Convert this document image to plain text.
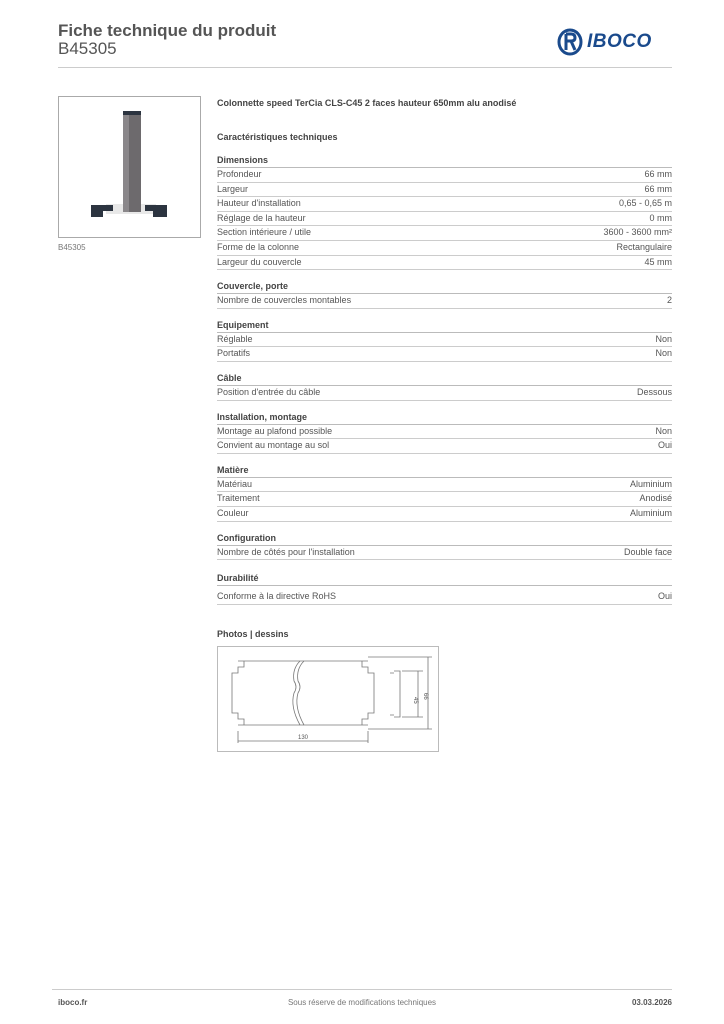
Fiche technique du produit
B45305	IBOCO
B45305
Colonnette speed TerCia CLS-C45 2 faces hauteur 650mm alu anodisé
Caractéristiques techniques
Dimensions
Profondeur	66 mm
Largeur	66 mm
Hauteur d'installation	0,65 - 0,65 m
Réglage de la hauteur	0 mm
Section intérieure / utile	3600 - 3600 mm²
Forme de la colonne	Rectangulaire
Largeur du couvercle	45 mm
Couvercle, porte
Nombre de couvercles montables	2
Equipement
Réglable	Non
Portatifs	Non
Câble
Position d'entrée du câble	Dessous
Installation, montage
Montage au plafond possible	Non
Convient au montage au sol	Oui
Matière
Matériau	Aluminium
Traitement	Anodisé
Couleur	Aluminium
Configuration
Nombre de côtés pour l'installation	Double face
Durabilité
Conforme à la directive RoHS	Oui
Photos | dessins
130
45
66
iboco.fr	Sous réserve de modifications techniques	03.03.2026
